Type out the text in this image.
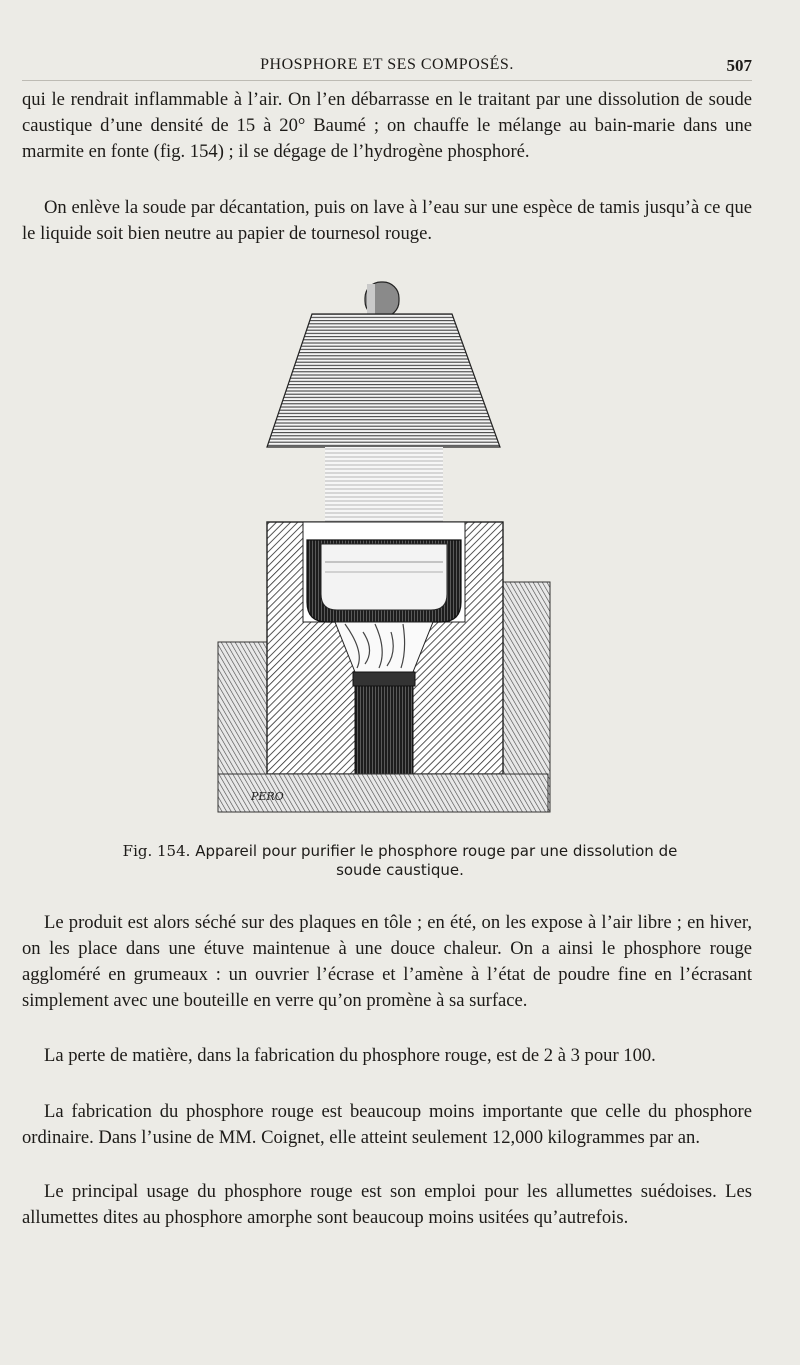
PHOSPHORE ET SES COMPOSÉS.	507

qui le rendrait inflammable à l’air. On l’en débarrasse en le traitant par une dissolution de soude caustique d’une densité de 15 à 20° Baumé ; on chauffe le mélange au bain-marie dans une marmite en fonte (fig. 154) ; il se dégage de l’hydrogène phosphoré.

On enlève la soude par décantation, puis on lave à l’eau sur une espèce de tamis jusqu’à ce que le liquide soit bien neutre au papier de tournesol rouge.

PERO
Fig. 154. Appareil pour purifier le phosphore rouge par une dissolution de soude caustique.

Le produit est alors séché sur des plaques en tôle ; en été, on les expose à l’air libre ; en hiver, on les place dans une étuve maintenue à une douce chaleur. On a ainsi le phosphore rouge aggloméré en grumeaux : un ouvrier l’écrase et l’amène à l’état de poudre fine en l’écrasant simplement avec une bouteille en verre qu’on promène à sa surface.

La perte de matière, dans la fabrication du phosphore rouge, est de 2 à 3 pour 100.

La fabrication du phosphore rouge est beaucoup moins importante que celle du phosphore ordinaire. Dans l’usine de MM. Coignet, elle atteint seulement 12,000 kilogrammes par an.

Le principal usage du phosphore rouge est son emploi pour les allumettes suédoises. Les allumettes dites au phosphore amorphe sont beaucoup moins usitées qu’autrefois.
